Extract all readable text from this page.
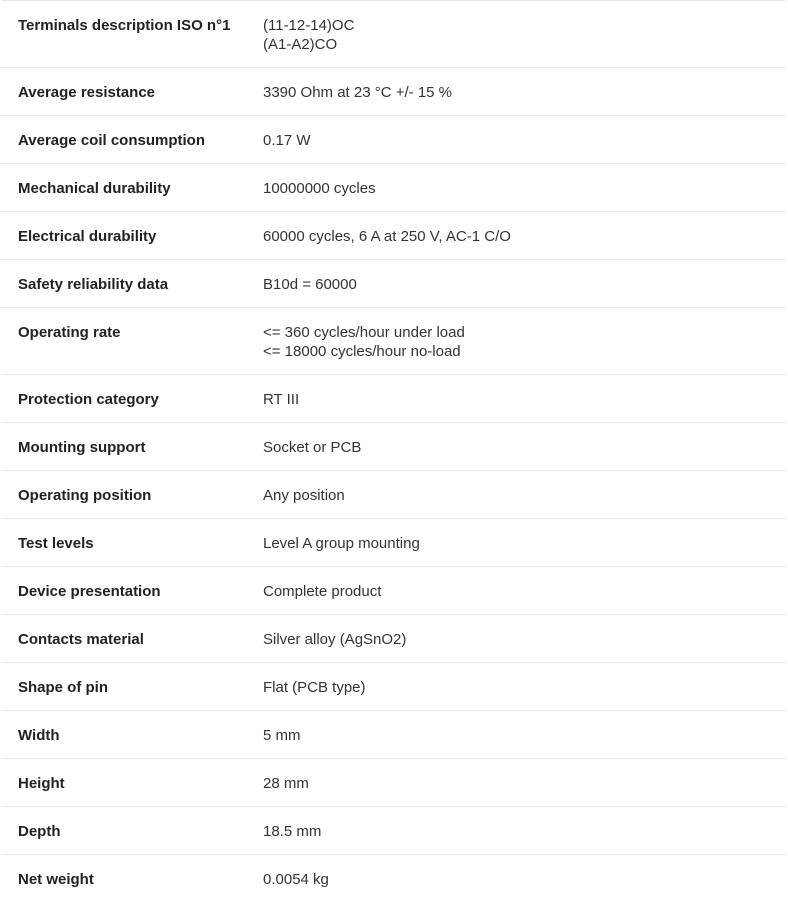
Terminals description ISO n°1	(11-12-14)OC
(A1-A2)CO
Average resistance	3390 Ohm at 23 °C +/- 15 %
Average coil consumption	0.17 W
Mechanical durability	10000000 cycles
Electrical durability	60000 cycles, 6 A at 250 V, AC-1 C/O
Safety reliability data	B10d = 60000
Operating rate	<= 360 cycles/hour under load
<= 18000 cycles/hour no-load
Protection category	RT III
Mounting support	Socket or PCB
Operating position	Any position
Test levels	Level A group mounting
Device presentation	Complete product
Contacts material	Silver alloy (AgSnO2)
Shape of pin	Flat (PCB type)
Width	5 mm
Height	28 mm
Depth	18.5 mm
Net weight	0.0054 kg
